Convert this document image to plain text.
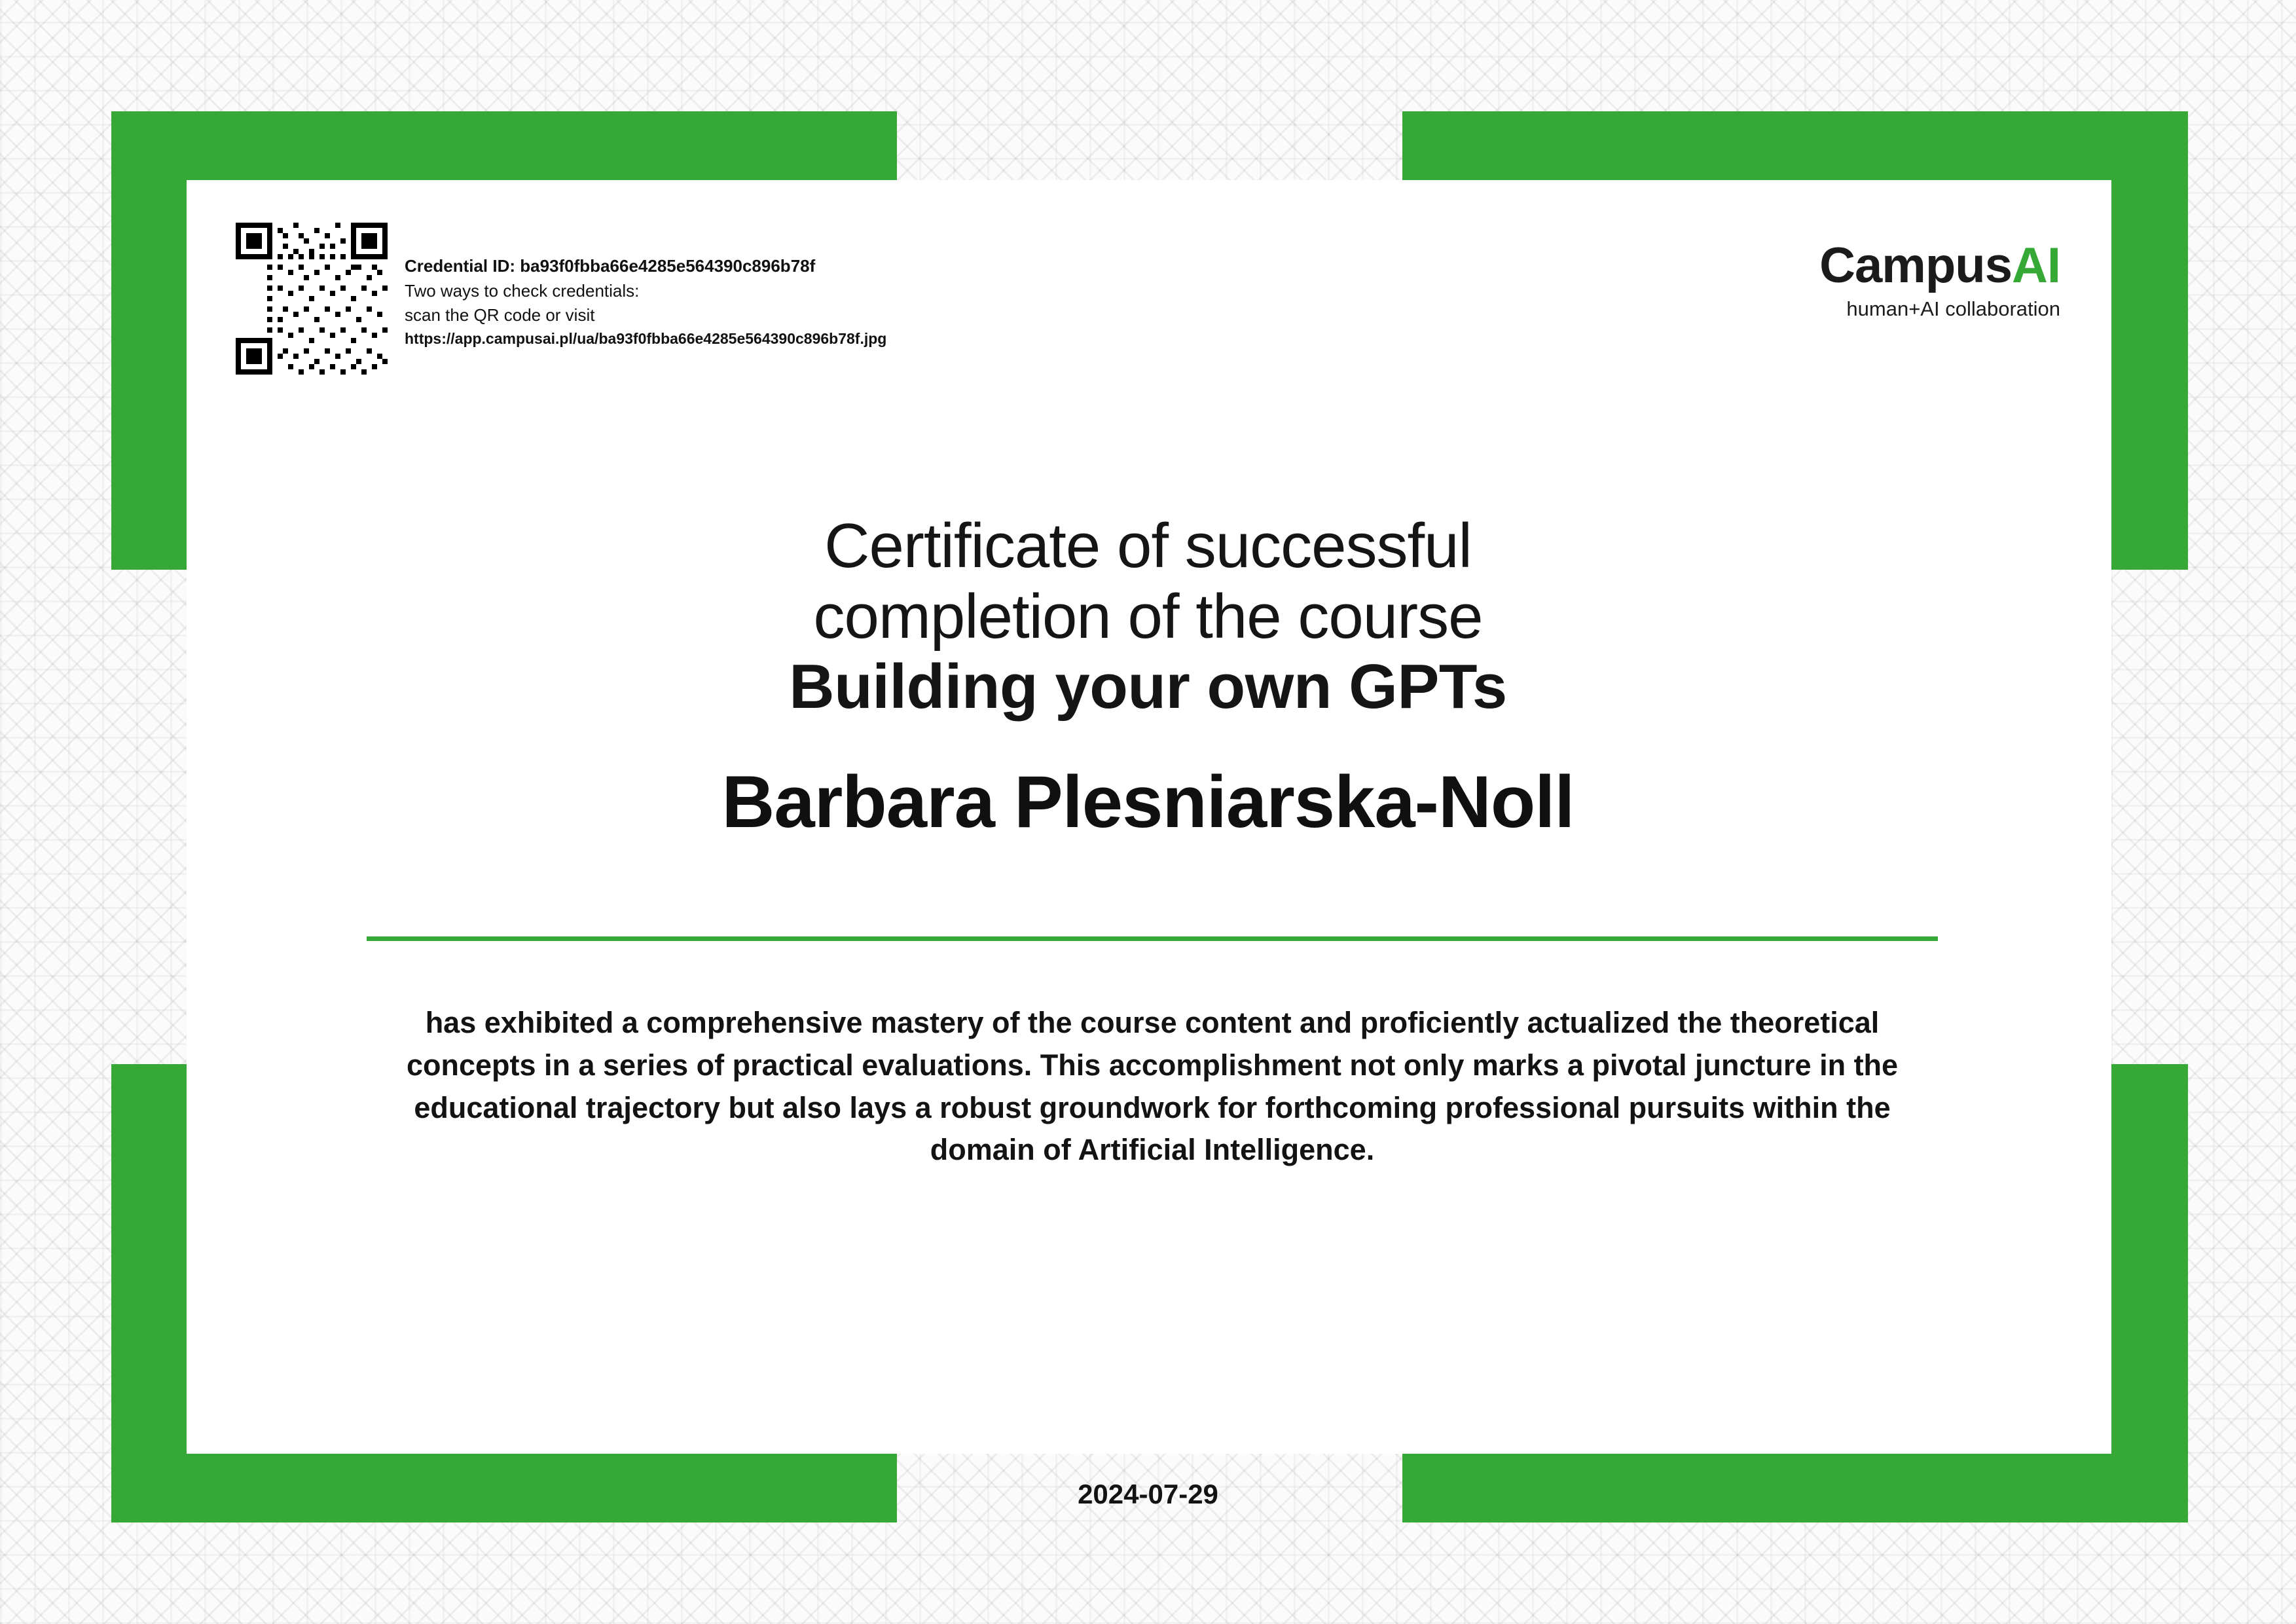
Credential ID: ba93f0fbba66e4285e564390c896b78f
Two ways to check credentials:
scan the QR code or visit
https://app.campusai.pl/ua/ba93f0fbba66e4285e564390c896b78f.jpg
CampusAI
human+AI collaboration
Certificate of successful
completion of the course
Building your own GPTs
Barbara Plesniarska-Noll
has exhibited a comprehensive mastery of the course content and proficiently actualized the theoretical concepts in a series of practical evaluations. This accomplishment not only marks a pivotal juncture in the educational trajectory but also lays a robust groundwork for forthcoming professional pursuits within the domain of Artificial Intelligence.
2024-07-29
